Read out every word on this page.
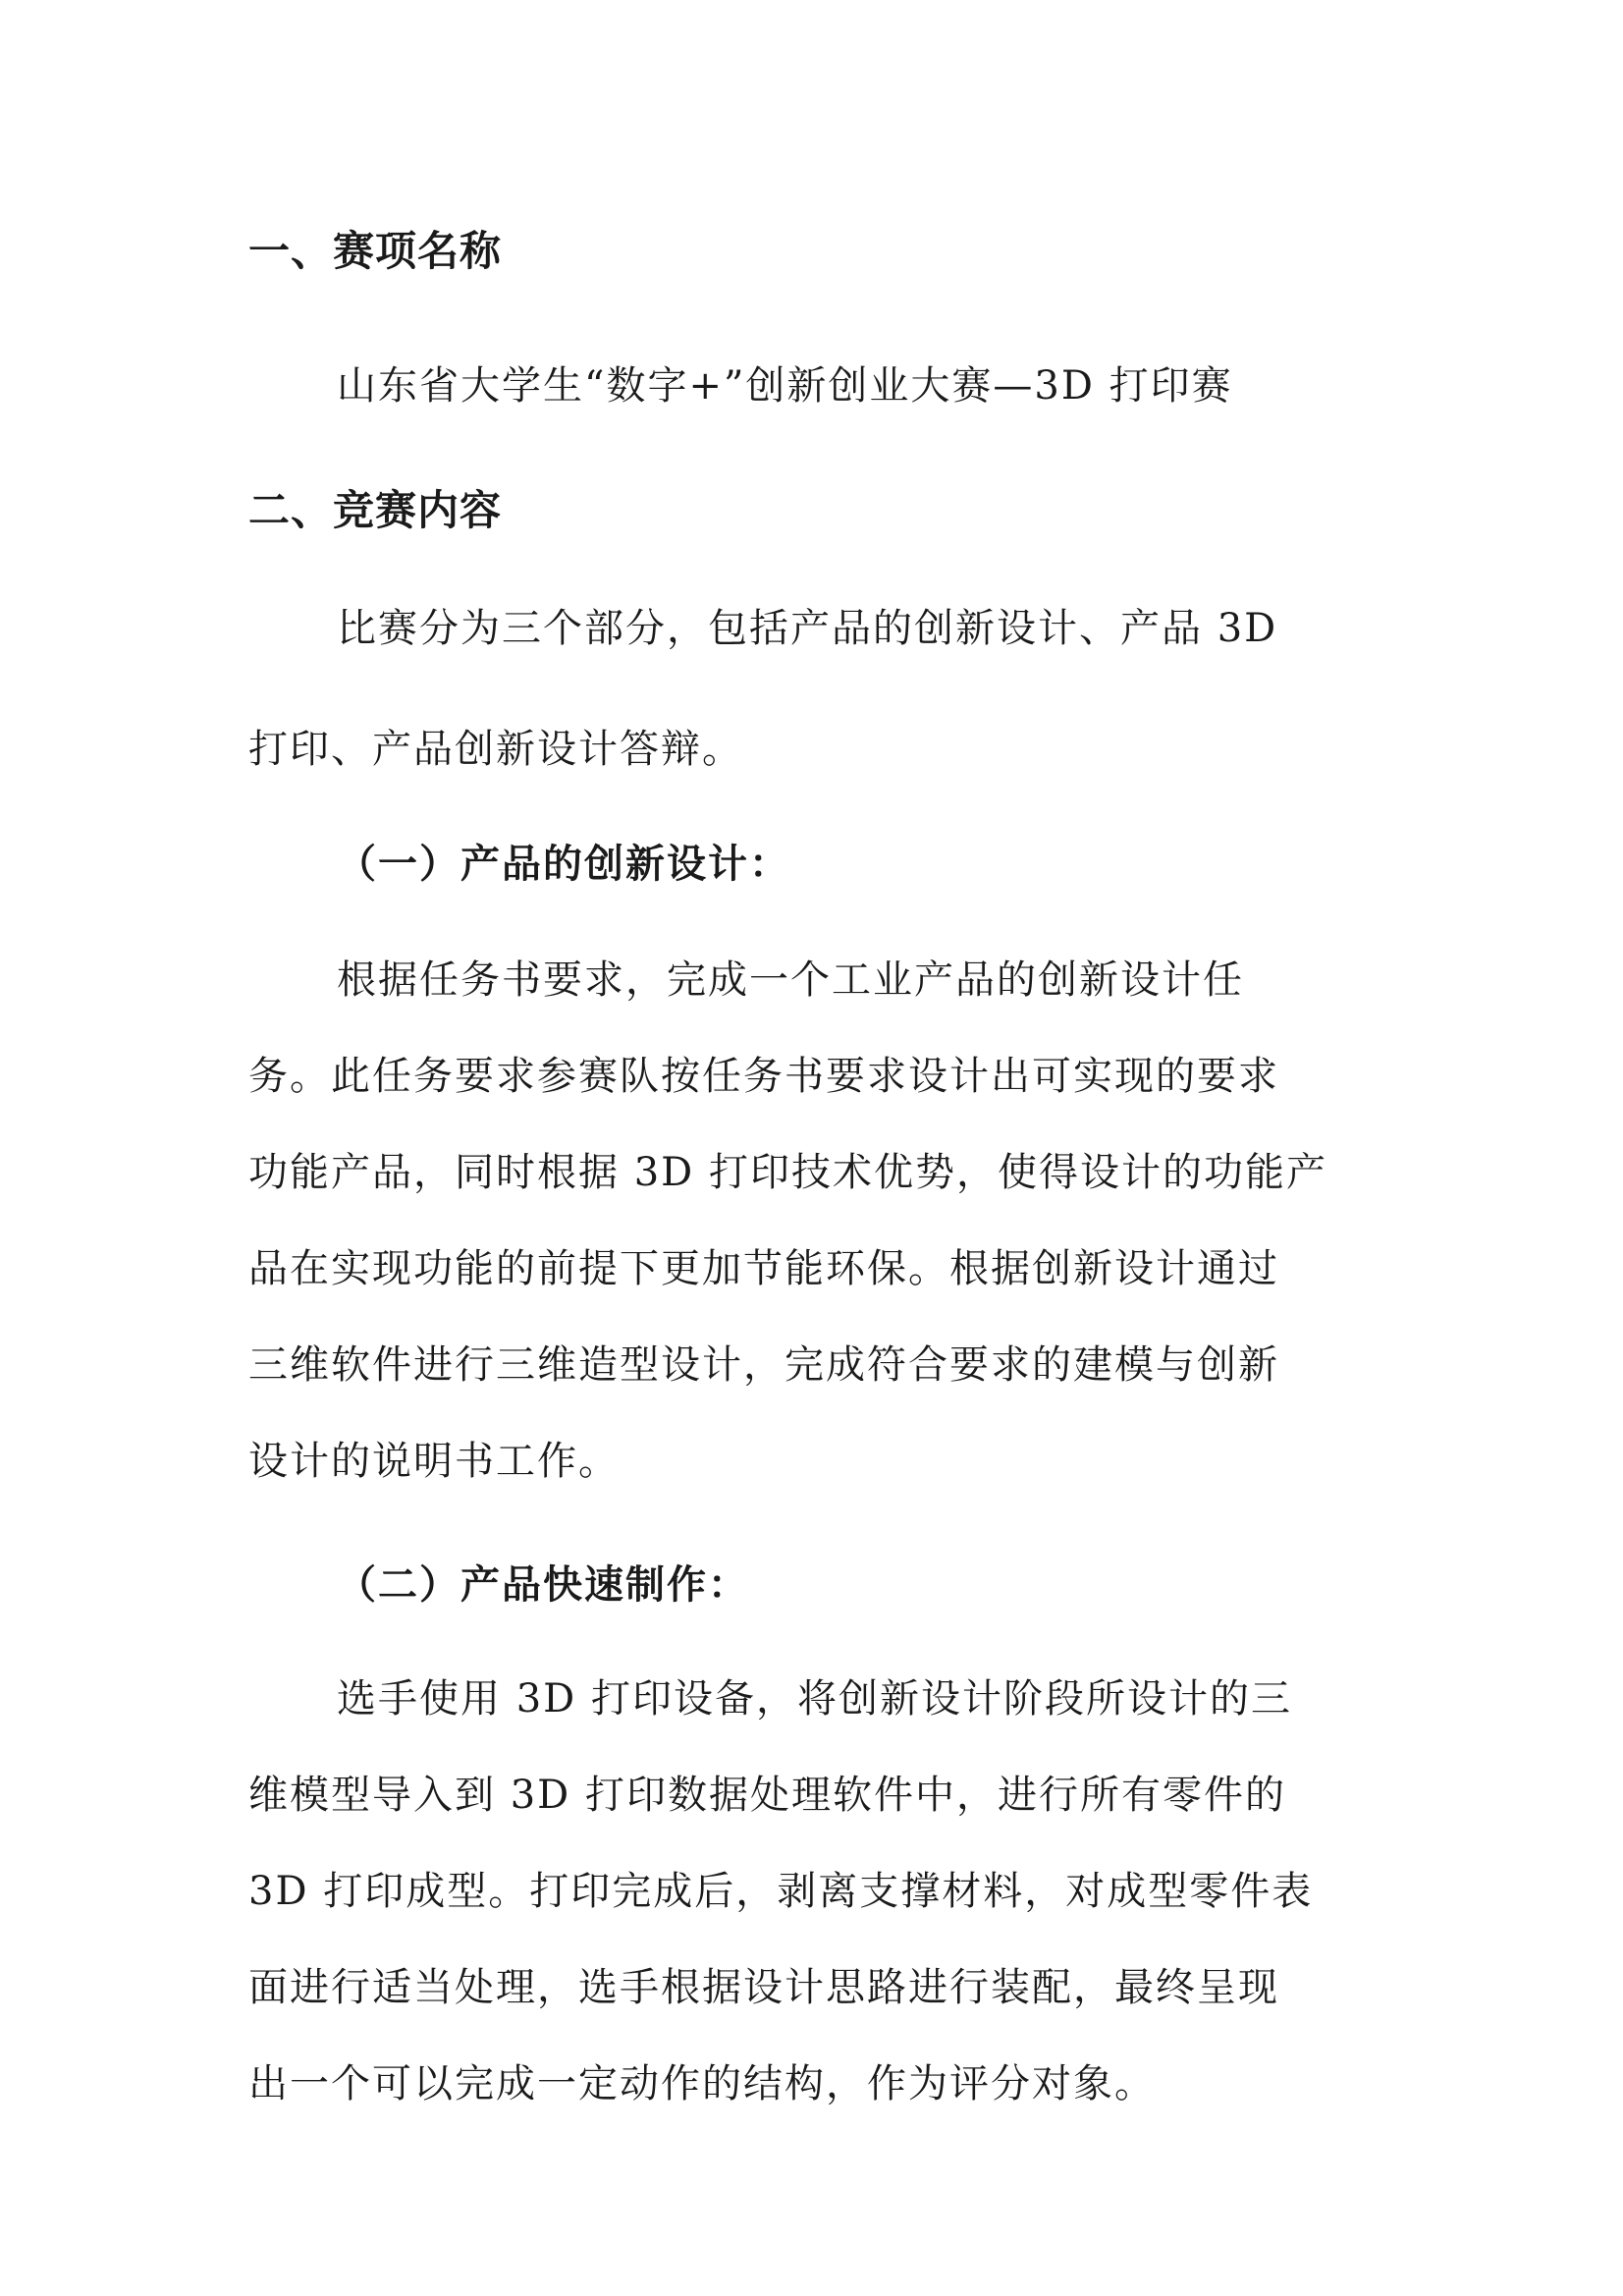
一、赛项名称
山东省大学生“数字+”创新创业大赛—3D 打印赛
二、竞赛内容
比赛分为三个部分，包括产品的创新设计、产品 3D
打印、产品创新设计答辩。
（一）产品的创新设计：
根据任务书要求，完成一个工业产品的创新设计任
务。此任务要求参赛队按任务书要求设计出可实现的要求
功能产品，同时根据 3D 打印技术优势，使得设计的功能产
品在实现功能的前提下更加节能环保。根据创新设计通过
三维软件进行三维造型设计，完成符合要求的建模与创新
设计的说明书工作。
（二）产品快速制作：
选手使用 3D 打印设备，将创新设计阶段所设计的三
维模型导入到 3D 打印数据处理软件中，进行所有零件的
3D 打印成型。打印完成后，剥离支撑材料，对成型零件表
面进行适当处理，选手根据设计思路进行装配，最终呈现
出一个可以完成一定动作的结构，作为评分对象。
